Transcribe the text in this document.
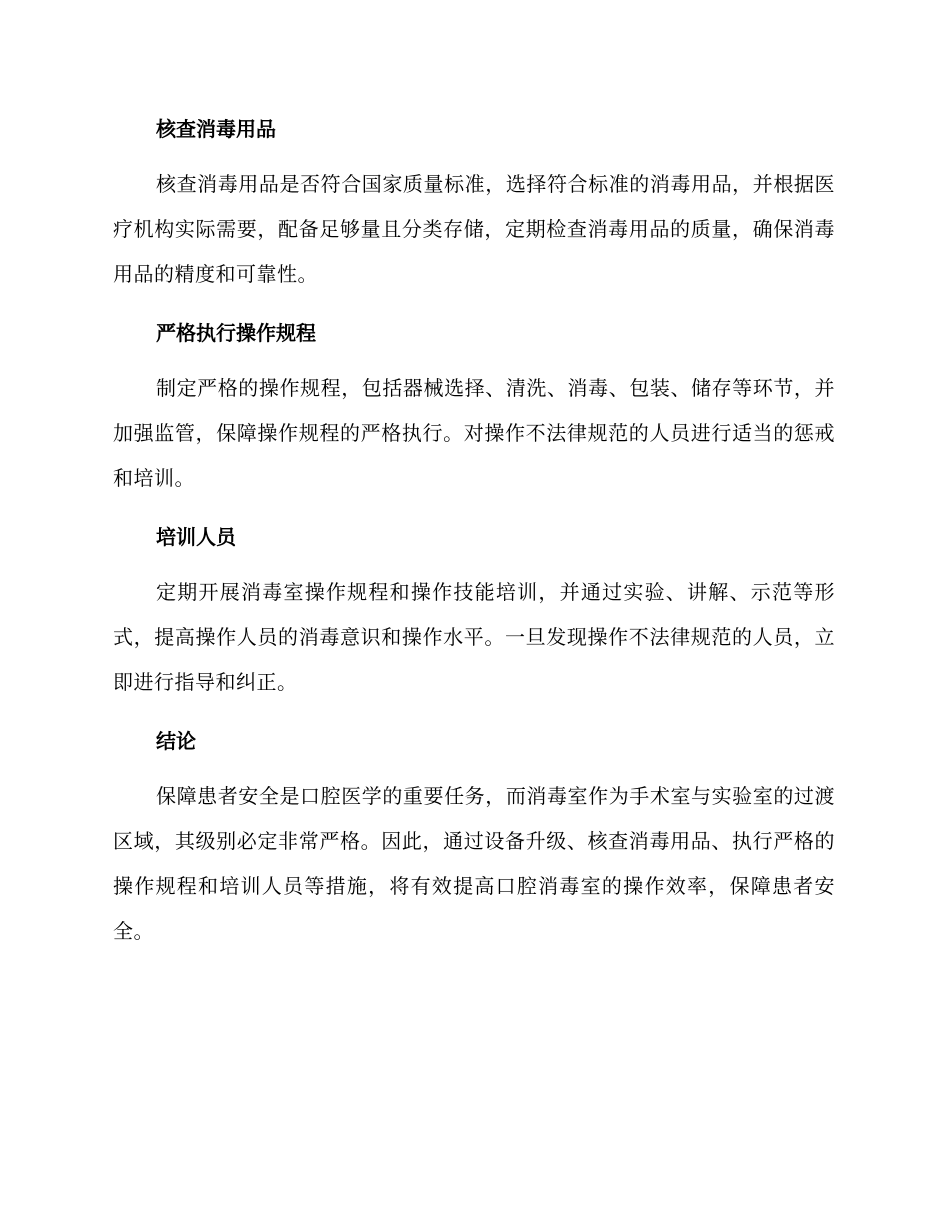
核查消毒用品

核查消毒用品是否符合国家质量标准，选择符合标准的消毒用品，并根据医疗机构实际需要，配备足够量且分类存储，定期检查消毒用品的质量，确保消毒用品的精度和可靠性。

严格执行操作规程

制定严格的操作规程，包括器械选择、清洗、消毒、包装、储存等环节，并加强监管，保障操作规程的严格执行。对操作不法律规范的人员进行适当的惩戒和培训。

培训人员

定期开展消毒室操作规程和操作技能培训，并通过实验、讲解、示范等形式，提高操作人员的消毒意识和操作水平。一旦发现操作不法律规范的人员，立即进行指导和纠正。

结论

保障患者安全是口腔医学的重要任务，而消毒室作为手术室与实验室的过渡区域，其级别必定非常严格。因此，通过设备升级、核查消毒用品、执行严格的操作规程和培训人员等措施，将有效提高口腔消毒室的操作效率，保障患者安全。
